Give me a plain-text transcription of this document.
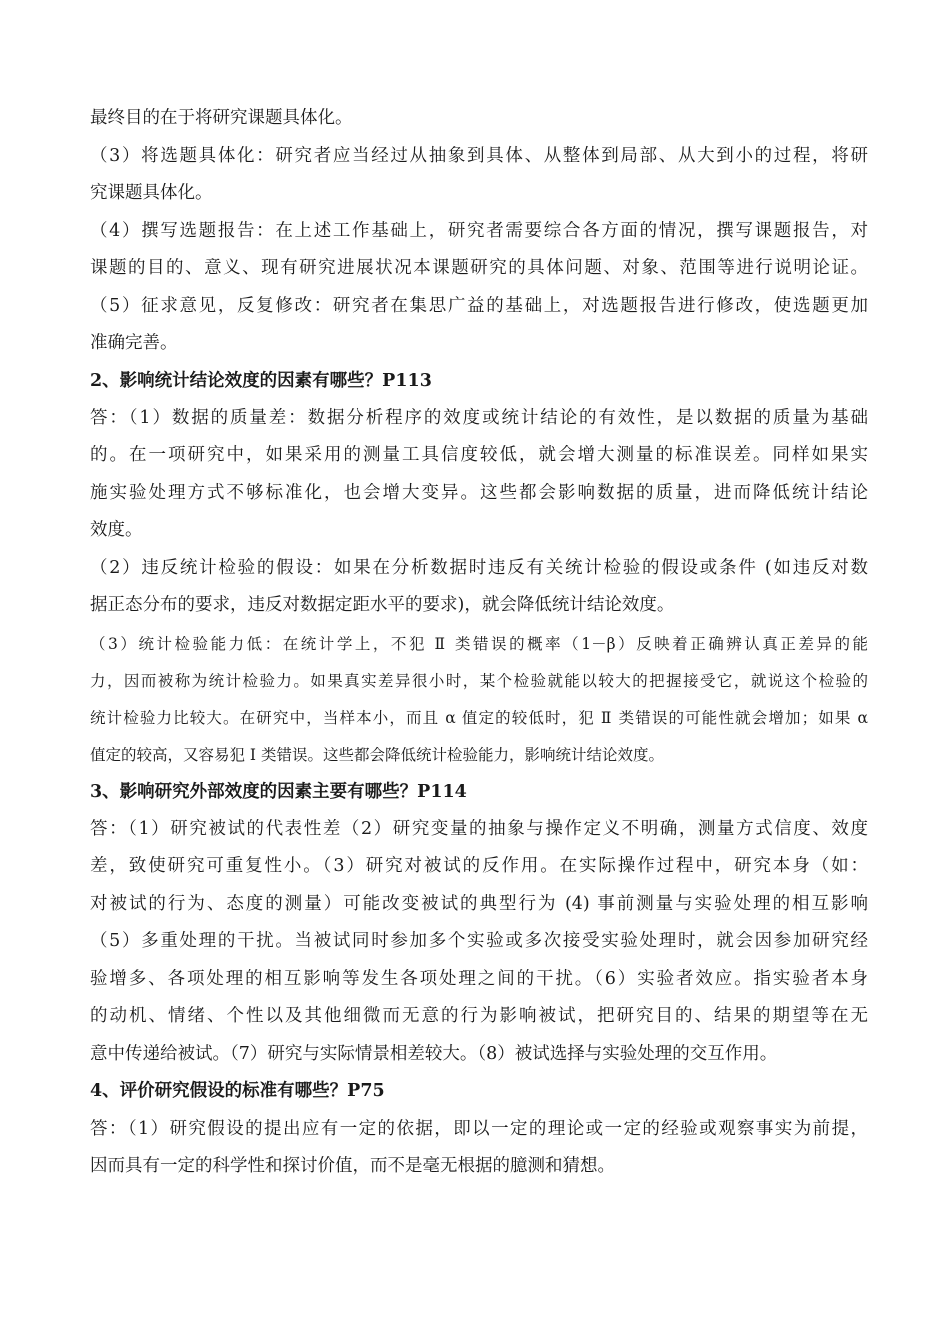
最终目的在于将研究课题具体化。
（3）将选题具体化：研究者应当经过从抽象到具体、从整体到局部、从大到小的过程，将研
究课题具体化。
（4）撰写选题报告：在上述工作基础上，研究者需要综合各方面的情况，撰写课题报告，对
课题的目的、意义、现有研究进展状况本课题研究的具体问题、对象、范围等进行说明论证。
（5）征求意见，反复修改：研究者在集思广益的基础上，对选题报告进行修改，使选题更加
准确完善。
2、影响统计结论效度的因素有哪些？P113
答：（1）数据的质量差：数据分析程序的效度或统计结论的有效性，是以数据的质量为基础
的。在一项研究中，如果采用的测量工具信度较低，就会增大测量的标准误差。同样如果实
施实验处理方式不够标准化，也会增大变异。这些都会影响数据的质量，进而降低统计结论
效度。
（2）违反统计检验的假设：如果在分析数据时违反有关统计检验的假设或条件 (如违反对数
据正态分布的要求，违反对数据定距水平的要求)，就会降低统计结论效度。
（3）统计检验能力低：在统计学上，不犯 Ⅱ 类错误的概率（1－β）反映着正确辨认真正差异的能
力，因而被称为统计检验力。如果真实差异很小时，某个检验就能以较大的把握接受它，就说这个检验的
统计检验力比较大。在研究中，当样本小，而且 α 值定的较低时，犯 Ⅱ 类错误的可能性就会增加；如果 α
值定的较高，又容易犯 Ⅰ 类错误。这些都会降低统计检验能力，影响统计结论效度。
3、影响研究外部效度的因素主要有哪些？P114
答：（1）研究被试的代表性差（2）研究变量的抽象与操作定义不明确，测量方式信度、效度
差，致使研究可重复性小。（3）研究对被试的反作用。在实际操作过程中，研究本身（如：
对被试的行为、态度的测量）可能改变被试的典型行为 (4) 事前测量与实验处理的相互影响
（5）多重处理的干扰。当被试同时参加多个实验或多次接受实验处理时，就会因参加研究经
验增多、各项处理的相互影响等发生各项处理之间的干扰。（6）实验者效应。指实验者本身
的动机、情绪、个性以及其他细微而无意的行为影响被试，把研究目的、结果的期望等在无
意中传递给被试。（7）研究与实际情景相差较大。（8）被试选择与实验处理的交互作用。
4、评价研究假设的标准有哪些？P75
答：（1）研究假设的提出应有一定的依据，即以一定的理论或一定的经验或观察事实为前提，
因而具有一定的科学性和探讨价值，而不是毫无根据的臆测和猜想。
